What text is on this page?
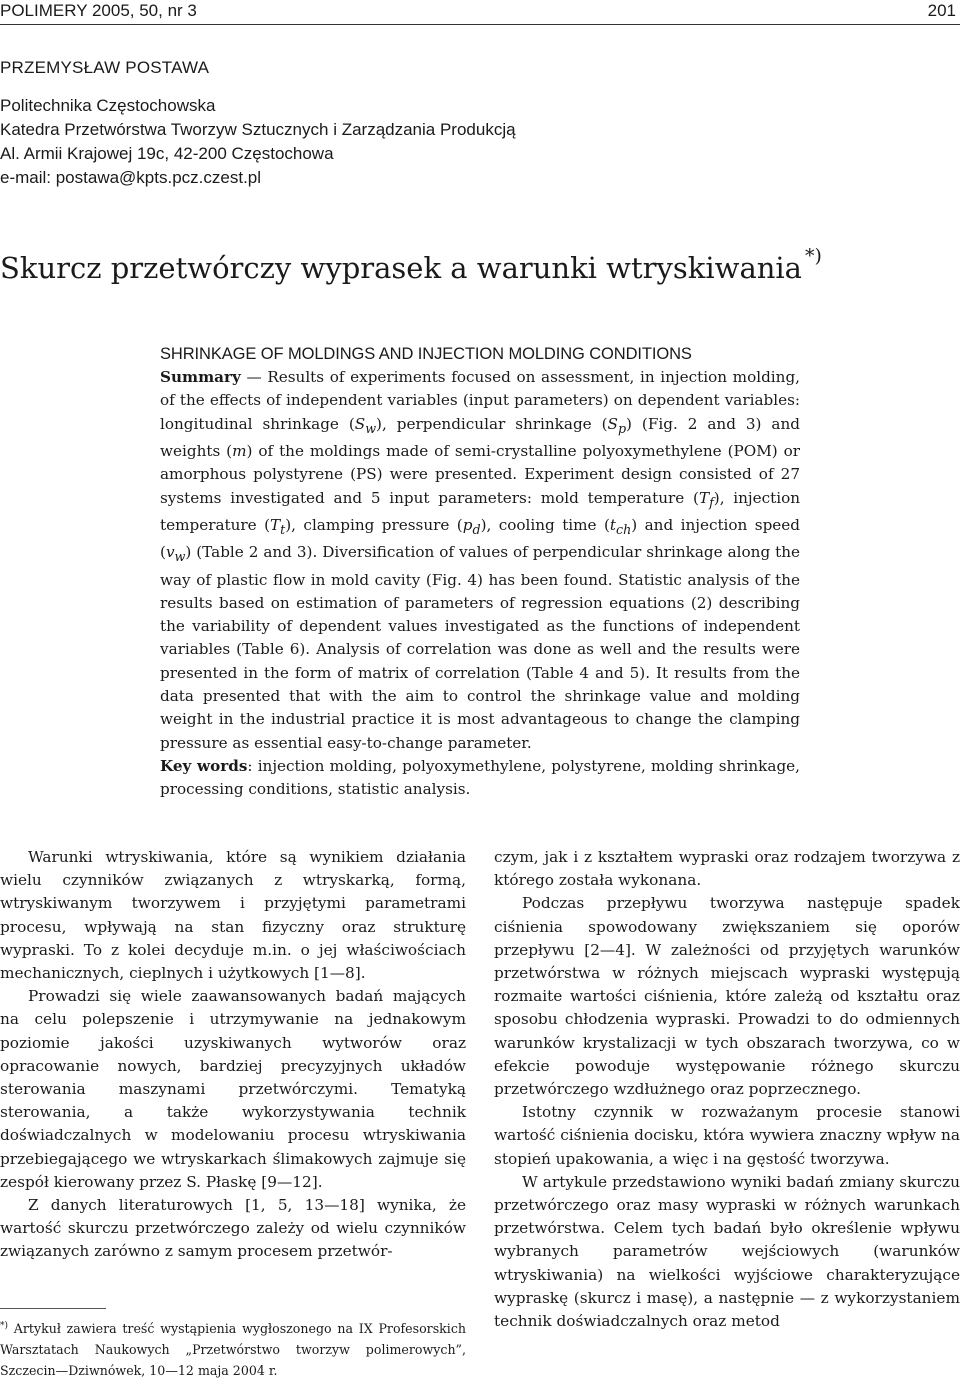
POLIMERY 2005, 50, nr 3	201
PRZEMYSŁAW POSTAWA
Politechnika Częstochowska
Katedra Przetwórstwa Tworzyw Sztucznych i Zarządzania Produkcją
Al. Armii Krajowej 19c, 42-200 Częstochowa
e-mail: postawa@kpts.pcz.czest.pl
Skurcz przetwórczy wyprasek a warunki wtryskiwania *)
SHRINKAGE OF MOLDINGS AND INJECTION MOLDING CONDITIONS

Summary — Results of experiments focused on assessment, in injection molding, of the effects of independent variables (input parameters) on dependent variables: longitudinal shrinkage $(S_w)$, perpendicular shrinkage $(S_p)$ (Fig. 2 and 3) and weights (m) of the moldings made of semi-crystalline polyoxymethylene (POM) or amorphous polystyrene (PS) were presented. Experiment design consisted of 27 systems investigated and 5 input parameters: mold temperature $(T_f)$, injection temperature $(T_t)$, clamping pressure $(p_d)$, cooling time $(t_{ch})$ and injection speed $(v_w)$ (Table 2 and 3). Diversification of values of perpendicular shrinkage along the way of plastic flow in mold cavity (Fig. 4) has been found. Statistic analysis of the results based on estimation of parameters of regression equations (2) describing the variability of dependent values investigated as the functions of independent variables (Table 6). Analysis of correlation was done as well and the results were presented in the form of matrix of correlation (Table 4 and 5). It results from the data presented that with the aim to control the shrinkage value and molding weight in the industrial practice it is most advantageous to change the clamping pressure as essential easy-to-change parameter.

Key words: injection molding, polyoxymethylene, polystyrene, molding shrinkage, processing conditions, statistic analysis.

Warunki wtryskiwania, które są wynikiem działania wielu czynników związanych z wtryskarką, formą, wtryskiwanym tworzywem i przyjętymi parametrami procesu, wpływają na stan fizyczny oraz strukturę wypraski. To z kolei decyduje m.in. o jej właściwościach mechanicznych, cieplnych i użytkowych [1—8].

Prowadzi się wiele zaawansowanych badań mających na celu polepszenie i utrzymywanie na jednakowym poziomie jakości uzyskiwanych wytworów oraz opracowanie nowych, bardziej precyzyjnych układów sterowania maszynami przetwórczymi. Tematyką sterowania, a także wykorzystywania technik doświadczalnych w modelowaniu procesu wtryskiwania przebiegającego we wtryskarkach ślimakowych zajmuje się zespół kierowany przez S. Płaskę [9—12].

Z danych literaturowych [1, 5, 13—18] wynika, że wartość skurczu przetwórczego zależy od wielu czynników związanych zarówno z samym procesem przetwór-

czym, jak i z kształtem wypraski oraz rodzajem tworzywa z którego została wykonana.

Podczas przepływu tworzywa następuje spadek ciśnienia spowodowany zwiększaniem się oporów przepływu [2—4]. W zależności od przyjętych warunków przetwórstwa w różnych miejscach wypraski występują rozmaite wartości ciśnienia, które zależą od kształtu oraz sposobu chłodzenia wypraski. Prowadzi to do odmiennych warunków krystalizacji w tych obszarach tworzywa, co w efekcie powoduje występowanie różnego skurczu przetwórczego wzdłużnego oraz poprzecznego.

Istotny czynnik w rozważanym procesie stanowi wartość ciśnienia docisku, która wywiera znaczny wpływ na stopień upakowania, a więc i na gęstość tworzywa.

W artykule przedstawiono wyniki badań zmiany skurczu przetwórczego oraz masy wypraski w różnych warunkach przetwórstwa. Celem tych badań było określenie wpływu wybranych parametrów wejściowych (warunków wtryskiwania) na wielkości wyjściowe charakteryzujące wypraskę (skurcz i masę), a następnie — z wykorzystaniem technik doświadczalnych oraz metod

*) Artykuł zawiera treść wystąpienia wygłoszonego na IX Profesorskich Warsztatach Naukowych „Przetwórstwo tworzyw polimerowych”, Szczecin—Dziwnówek, 10—12 maja 2004 r.
